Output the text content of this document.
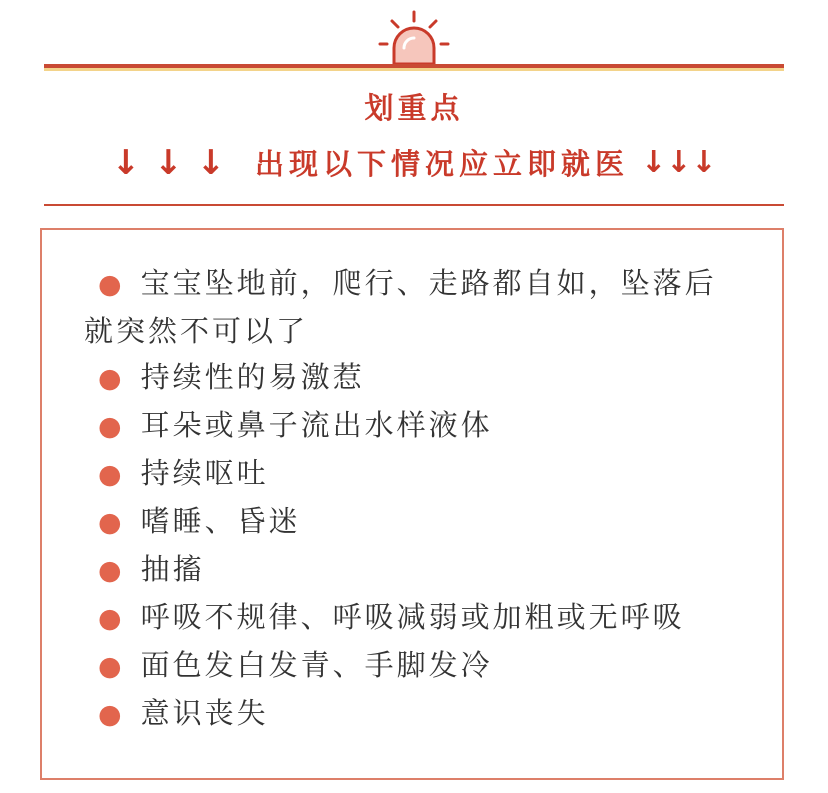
划重点
↓↓↓ 出现以下情况应立即就医 ↓↓↓
● 宝宝坠地前，爬行、走路都自如，坠落后就突然不可以了
● 持续性的易激惹
● 耳朵或鼻子流出水样液体
● 持续呕吐
● 嗜睡、昏迷
● 抽搐
● 呼吸不规律、呼吸减弱或加粗或无呼吸
● 面色发白发青、手脚发冷
● 意识丧失
